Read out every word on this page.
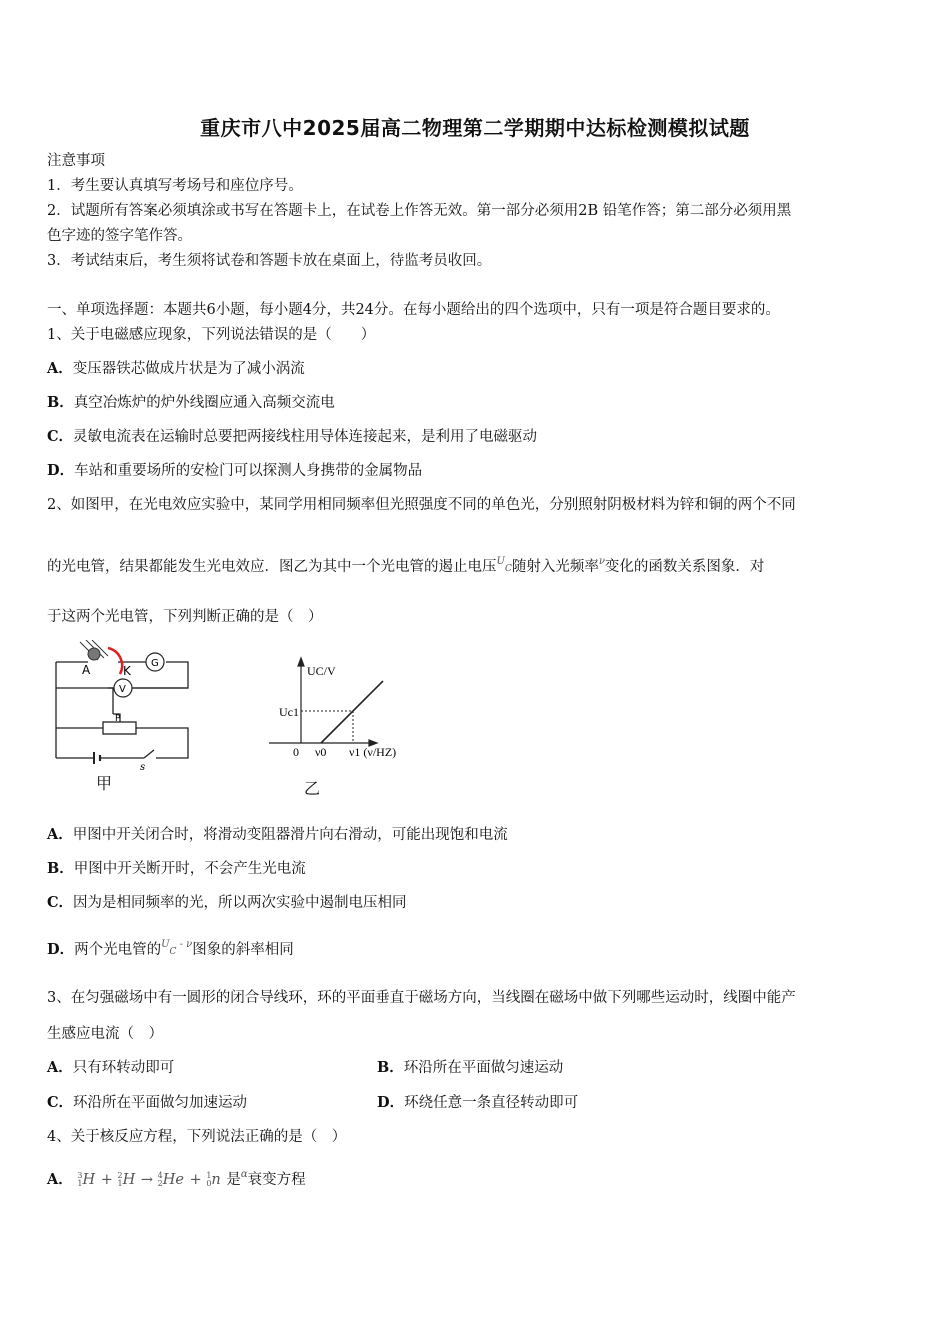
重庆市八中2025届高二物理第二学期期中达标检测模拟试题
注意事项
1．考生要认真填写考场号和座位序号。
2．试题所有答案必须填涂或书写在答题卡上，在试卷上作答无效。第一部分必须用2B 铅笔作答；第二部分必须用黑
色字迹的签字笔作答。
3．考试结束后，考生须将试卷和答题卡放在桌面上，待监考员收回。
一、单项选择题：本题共6小题，每小题4分，共24分。在每小题给出的四个选项中，只有一项是符合题目要求的。
1、关于电磁感应现象，下列说法错误的是（　　）
A．变压器铁芯做成片状是为了减小涡流
B．真空冶炼炉的炉外线圈应通入高频交流电
C．灵敏电流表在运输时总要把两接线柱用导体连接起来，是利用了电磁驱动
D．车站和重要场所的安检门可以探测人身携带的金属物品
2、如图甲，在光电效应实验中，某同学用相同频率但光照强度不同的单色光，分别照射阴极材料为锌和铜的两个不同
的光电管，结果都能发生光电效应．图乙为其中一个光电管的遏止电压$^U$C随射入光频率$^\nu$变化的函数关系图象．对
于这两个光电管，下列判断正确的是（　）
G
V
A	K
P
s
甲
UC/V
Uc1
0 ν0 ν1 (ν/HZ)
乙
A．甲图中开关闭合时，将滑动变阻器滑片向右滑动，可能出现饱和电流
B．甲图中开关断开时，不会产生光电流
C．因为是相同频率的光，所以两次实验中遏制电压相同
D．两个光电管的$^U$C $^{- \nu}$图象的斜率相同
3、在匀强磁场中有一圆形的闭合导线环，环的平面垂直于磁场方向，当线圈在磁场中做下列哪些运动时，线圈中能产
生感应电流（　）
A．只有环转动即可	B．环沿所在平面做匀速运动
C．环沿所在平面做匀加速运动	D．环绕任意一条直径转动即可
4、关于核反应方程，下列说法正确的是（　）
A． 3
1 H + 2
1 H → 4
2 He + 1
0 n 是$^\alpha$衰变方程
